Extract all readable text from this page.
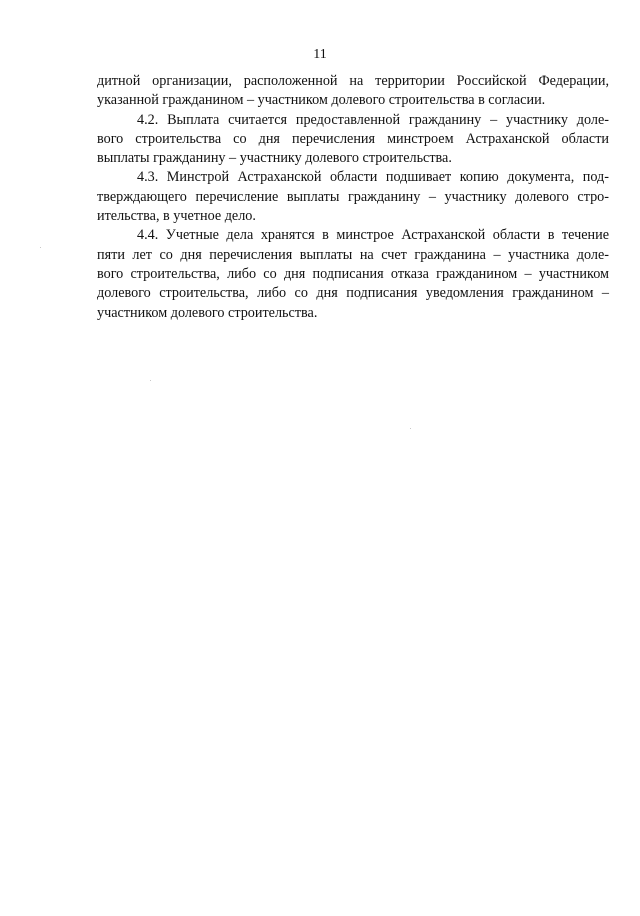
11
дитной организации, расположенной на территории Российской Федерации,
указанной гражданином – участником долевого строительства в согласии.
4.2. Выплата считается предоставленной гражданину – участнику доле-
вого строительства со дня перечисления минстроем Астраханской области
выплаты гражданину – участнику долевого строительства.
4.3. Минстрой Астраханской области подшивает копию документа, под-
тверждающего перечисление выплаты гражданину – участнику долевого стро-
ительства, в учетное дело.
4.4. Учетные дела хранятся в минстрое Астраханской области в течение
пяти лет со дня перечисления выплаты на счет гражданина – участника доле-
вого строительства, либо со дня подписания отказа гражданином – участником
долевого строительства, либо со дня подписания уведомления гражданином –
участником долевого строительства.
